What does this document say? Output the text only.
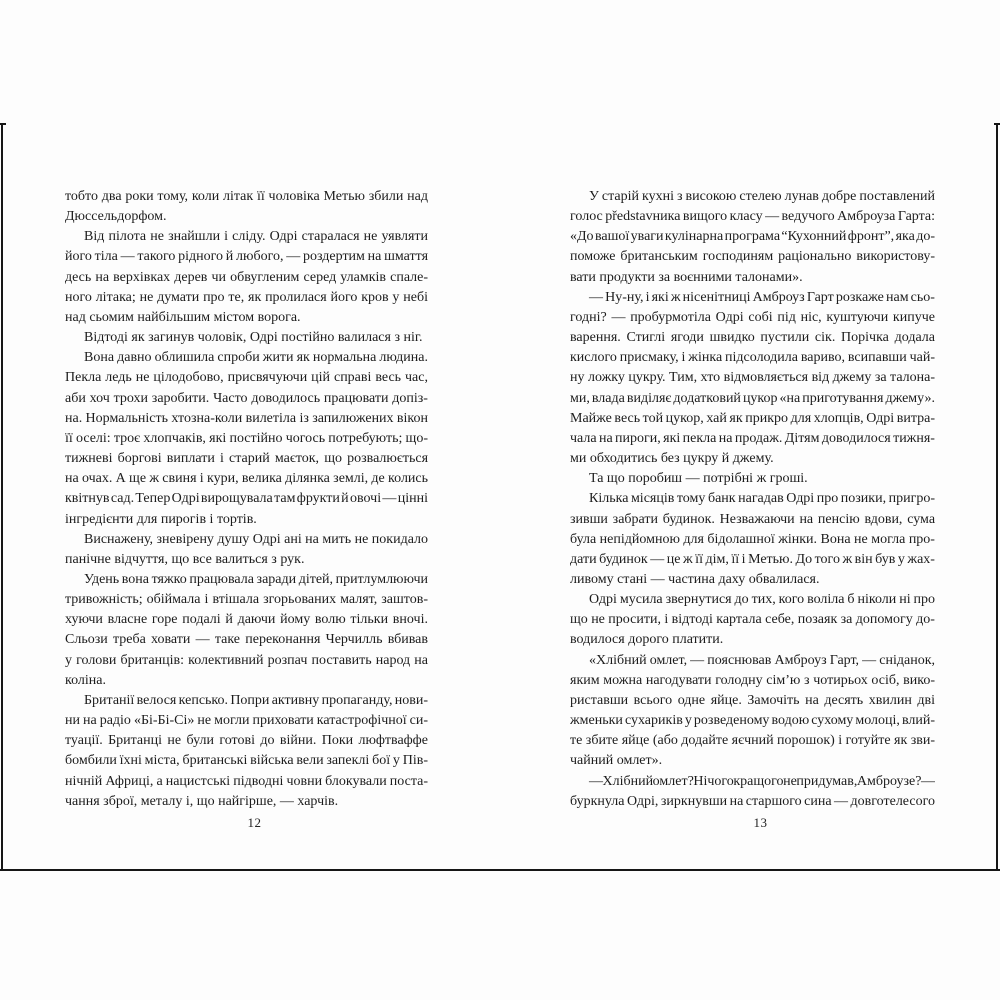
тобто два роки тому, коли літак її чоловіка Метью збили над
Дюссельдорфом.
Від пілота не знайшли і сліду. Одрі старалася не уявляти
його тіла — такого рідного й любого, — роздертим на шмаття
десь на верхівках дерев чи обвугленим серед уламків спале-
ного літака; не думати про те, як пролилася його кров у небі
над сьомим найбільшим містом ворога.
Відтоді як загинув чоловік, Одрі постійно валилася з ніг.
Вона давно облишила спроби жити як нормальна людина.
Пекла ледь не цілодобово, присвячуючи цій справі весь час,
аби хоч трохи заробити. Часто доводилось працювати допіз-
на. Нормальність хтозна-коли вилетіла із запилюжених вікон
її оселі: троє хлопчаків, які постійно чогось потребують; що-
тижневі боргові виплати і старий маєток, що розвалюється
на очах. А ще ж свиня і кури, велика ділянка землі, де колись
квітнув сад. Тепер Одрі вирощувала там фрукти й овочі — цінні
інгредієнти для пирогів і тортів.
Виснажену, зневірену душу Одрі ані на мить не покидало
панічне відчуття, що все валиться з рук.
Удень вона тяжко працювала заради дітей, притлумлюючи
тривожність; обіймала і втішала згорьованих малят, заштов-
хуючи власне горе подалі й даючи йому волю тільки вночі.
Сльози треба ховати — таке переконання Черчилль вбивав
у голови британців: колективний розпач поставить народ на
коліна.
Британії велося кепсько. Попри активну пропаганду, нови-
ни на радіо «Бі-Бі-Сі» не могли приховати катастрофічної си-
туації. Британці не були готові до війни. Поки люфтваффе
бомбили їхні міста, британські війська вели запеклі бої у Пів-
нічній Африці, а нацистські підводні човни блокували поста-
чання зброї, металу і, що найгірше, — харчів.
У старій кухні з високою стелею лунав добре поставлений
голос představника вищого класу — ведучого Амброуза Гарта:
«До вашої уваги кулінарна програма “Кухонний фронт”, яка до-
поможе британським господиням раціонально використову-
вати продукти за воєнними талонами».
— Ну-ну, і які ж нісенітниці Амброуз Гарт розкаже нам сьо-
годні? — пробурмотіла Одрі собі під ніс, куштуючи кипуче
варення. Стиглі ягоди швидко пустили сік. Порічка додала
кислого присмаку, і жінка підсолодила вариво, всипавши чай-
ну ложку цукру. Тим, хто відмовляється від джему за талона-
ми, влада виділяє додатковий цукор «на приготування джему».
Майже весь той цукор, хай як прикро для хлопців, Одрі витра-
чала на пироги, які пекла на продаж. Дітям доводилося тижня-
ми обходитись без цукру й джему.
Та що поробиш — потрібні ж гроші.
Кілька місяців тому банк нагадав Одрі про позики, пригро-
зивши забрати будинок. Незважаючи на пенсію вдови, сума
була непідйомною для бідолашної жінки. Вона не могла про-
дати будинок — це ж її дім, її і Метью. До того ж він був у жах-
ливому стані — частина даху обвалилася.
Одрі мусила звернутися до тих, кого воліла б ніколи ні про
що не просити, і відтоді картала себе, позаяк за допомогу до-
водилося дорого платити.
«Хлібний омлет, — пояснював Амброуз Гарт, — сніданок,
яким можна нагодувати голодну сім’ю з чотирьох осіб, вико-
риставши всього одне яйце. Замочіть на десять хвилин дві
жменьки сухариків у розведеному водою сухому молоці, влий-
те збите яйце (або додайте яєчний порошок) і готуйте як зви-
чайний омлет».
— Хлібний омлет? Нічого кращого не придумав, Амброузе? —
буркнула Одрі, зиркнувши на старшого сина — довготелесого
12	13
